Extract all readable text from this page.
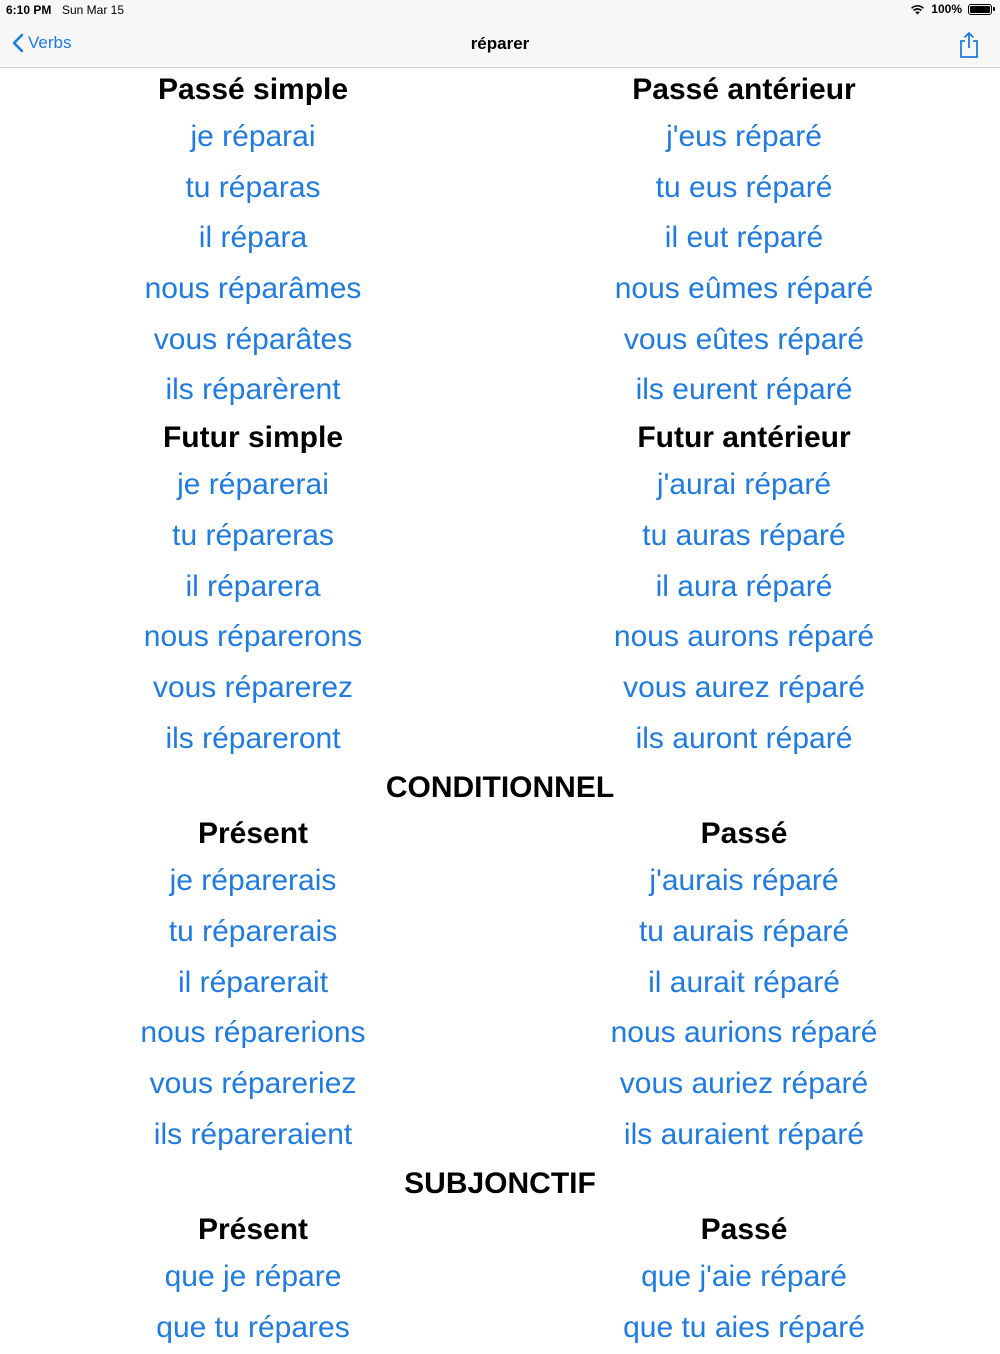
6:10 PM Sun Mar 15	100%
Verbs	réparer
Passé simple
je réparai
tu réparas
il répara
nous réparâmes
vous réparâtes
ils réparèrent
Passé antérieur
j'eus réparé
tu eus réparé
il eut réparé
nous eûmes réparé
vous eûtes réparé
ils eurent réparé
Futur simple
je réparerai
tu répareras
il réparera
nous réparerons
vous réparerez
ils répareront
Futur antérieur
j'aurai réparé
tu auras réparé
il aura réparé
nous aurons réparé
vous aurez réparé
ils auront réparé
CONDITIONNEL
Présent
je réparerais
tu réparerais
il réparerait
nous réparerions
vous répareriez
ils répareraient
Passé
j'aurais réparé
tu aurais réparé
il aurait réparé
nous aurions réparé
vous auriez réparé
ils auraient réparé
SUBJONCTIF
Présent
que je répare
que tu répares
Passé
que j'aie réparé
que tu aies réparé
